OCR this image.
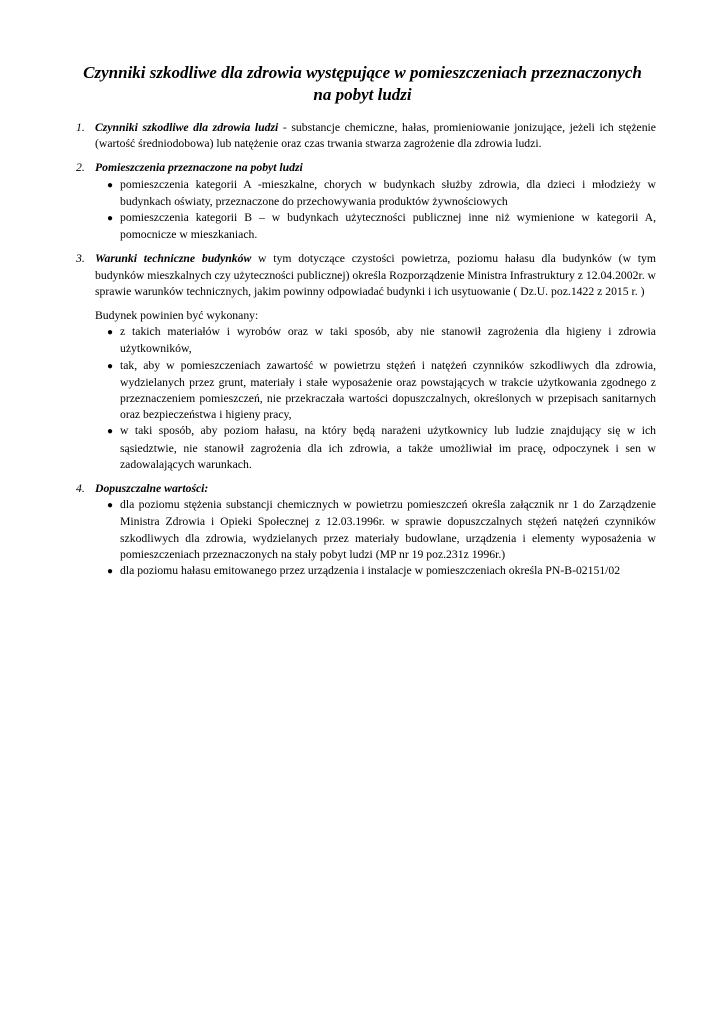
Czynniki szkodliwe dla zdrowia występujące w pomieszczeniach przeznaczonych
na pobyt ludzi
1. Czynniki szkodliwe dla zdrowia ludzi - substancje chemiczne, hałas, promieniowanie jonizujące, jeżeli ich stężenie (wartość średniodobowa) lub natężenie oraz czas trwania stwarza zagrożenie dla zdrowia ludzi.
2. Pomieszczenia przeznaczone na pobyt ludzi
● pomieszczenia kategorii A -mieszkalne, chorych w budynkach służby zdrowia, dla dzieci i młodzieży w budynkach oświaty, przeznaczone do przechowywania produktów żywnościowych
● pomieszczenia kategorii B – w budynkach użyteczności publicznej inne niż wymienione w kategorii A, pomocnicze w mieszkaniach.
3. Warunki techniczne budynków w tym dotyczące czystości powietrza, poziomu hałasu dla budynków (w tym budynków mieszkalnych czy użyteczności publicznej) określa Rozporządzenie Ministra Infrastruktury z 12.04.2002r. w sprawie warunków technicznych, jakim powinny odpowiadać budynki i ich usytuowanie ( Dz.U. poz.1422 z 2015 r. )

Budynek powinien być wykonany:

● z takich materiałów i wyrobów oraz w taki sposób, aby nie stanowił zagrożenia dla higieny i zdrowia użytkowników,
● tak, aby w pomieszczeniach zawartość w powietrzu stężeń i natężeń czynników szkodliwych dla zdrowia, wydzielanych przez grunt, materiały i stałe wyposażenie oraz powstających w trakcie użytkowania zgodnego z przeznaczeniem pomieszczeń, nie przekraczała wartości dopuszczalnych, określonych w przepisach sanitarnych oraz bezpieczeństwa i higieny pracy,
● w taki sposób, aby poziom hałasu, na który będą narażeni użytkownicy lub ludzie znajdujący się w ich sąsiedztwie, nie stanowił zagrożenia dla ich zdrowia, a także umożliwiał im pracę, odpoczynek i sen w zadowalających warunkach.
4. Dopuszczalne wartości:
● dla poziomu stężenia substancji chemicznych w powietrzu pomieszczeń określa załącznik nr 1 do Zarządzenie Ministra Zdrowia i Opieki Społecznej z 12.03.1996r. w sprawie dopuszczalnych stężeń natężeń czynników szkodliwych dla zdrowia, wydzielanych przez materiały budowlane, urządzenia i elementy wyposażenia w pomieszczeniach przeznaczonych na stały pobyt ludzi (MP nr 19 poz.231z 1996r.)
● dla poziomu hałasu emitowanego przez urządzenia i instalacje w pomieszczeniach określa PN-B-02151/02
